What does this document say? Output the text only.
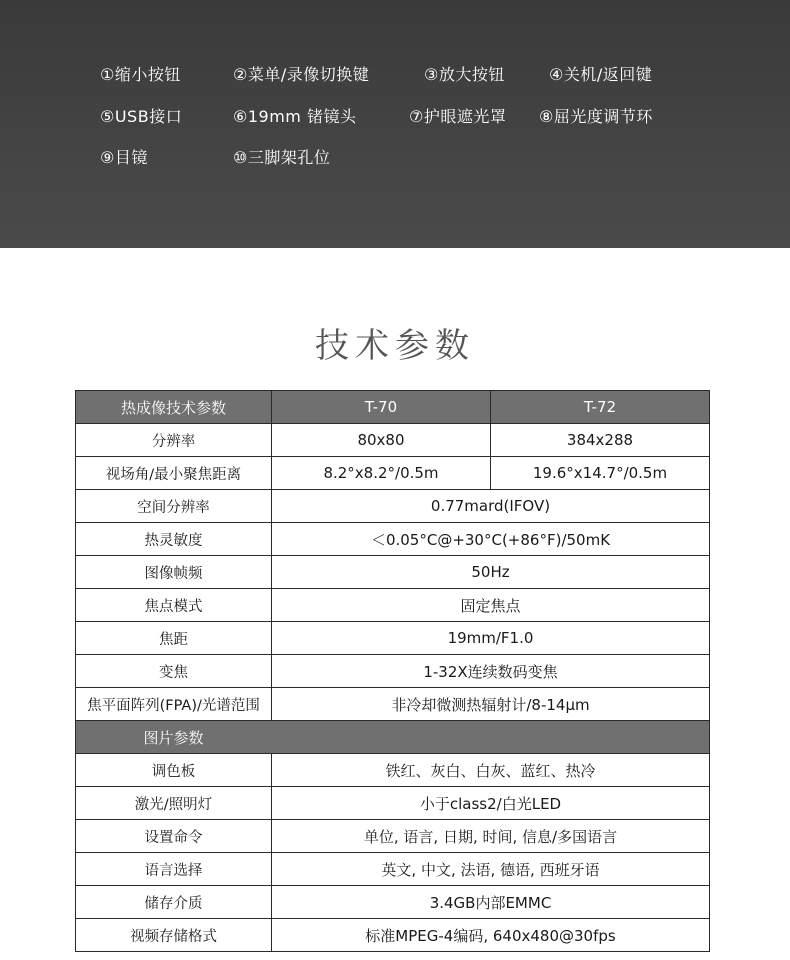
①缩小按钮	②菜单/录像切换键	③放大按钮	④关机/返回键
⑤USB接口	⑥19mm 锗镜头	⑦护眼遮光罩 ⑧屈光度调节环
⑨目镜	⑩三脚架孔位
技术参数
热成像技术参数	T-70	T-72
分辨率	80x80	384x288
视场角/最小聚焦距离	8.2°x8.2°/0.5m	19.6°x14.7°/0.5m
空间分辨率	0.77mard(IFOV)	
热灵敏度	＜0.05°C@+30°C(+86°F)/50mK	
图像帧频	50Hz	
焦点模式	固定焦点	
焦距	19mm/F1.0	
变焦	1-32X连续数码变焦	
焦平面阵列(FPA)/光谱范围	非冷却微测热辐射计/8-14μm	
图片参数		
调色板	铁红、灰白、白灰、蓝红、热冷	
激光/照明灯	小于class2/白光LED	
设置命令	单位, 语言, 日期, 时间, 信息/多国语言	
语言选择	英文, 中文, 法语, 德语, 西班牙语	
储存介质	3.4GB内部EMMC	
视频存储格式	标准MPEG-4编码, 640x480@30fps	
